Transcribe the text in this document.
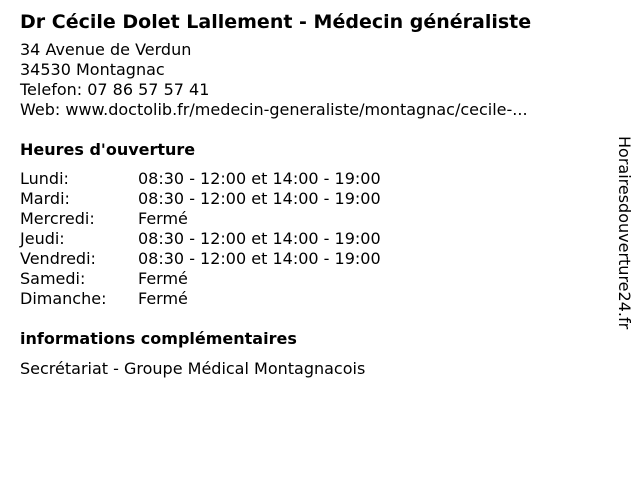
Dr Cécile Dolet Lallement - Médecin généraliste
34 Avenue de Verdun
34530 Montagnac
Telefon: 07 86 57 57 41
Web: www.doctolib.fr/medecin-generaliste/montagnac/cecile-...
Heures d'ouverture
Lundi:	08:30 - 12:00 et 14:00 - 19:00
Mardi:	08:30 - 12:00 et 14:00 - 19:00
Mercredi:	Fermé
Jeudi:	08:30 - 12:00 et 14:00 - 19:00
Vendredi:	08:30 - 12:00 et 14:00 - 19:00
Samedi:	Fermé
Dimanche:	Fermé
informations complémentaires
Secrétariat - Groupe Médical Montagnacois
Horairesdouverture24.fr
